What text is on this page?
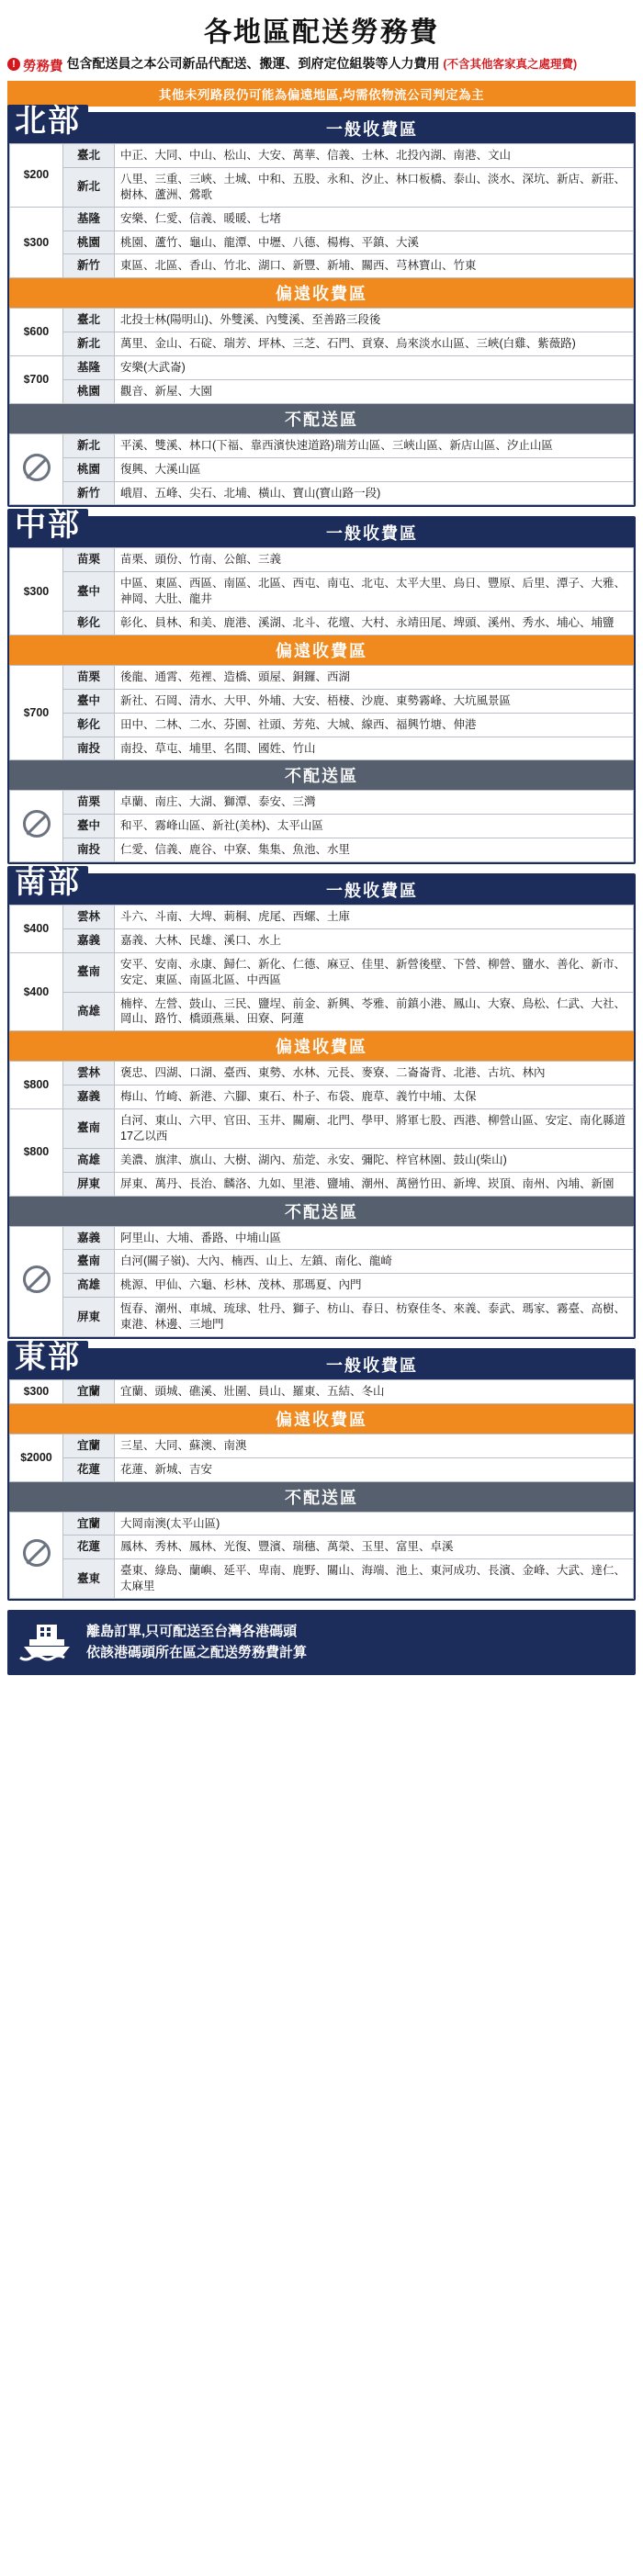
各地區配送勞務費
! 勞務費 包含配送員之本公司新品代配送、搬運、到府定位組裝等人力費用 (不含其他客家真之處理費)
其他未列路段仍可能為偏遠地區,均需依物流公司判定為主
北部	一般收費區
$200	臺北	中正、大同、中山、松山、大安、萬華、信義、士林、北投內湖、南港、文山
	新北	八里、三重、三峽、土城、中和、五股、永和、汐止、林口板橋、泰山、淡水、深坑、新店、新莊、樹林、蘆洲、鶯歌
$300	基隆	安樂、仁愛、信義、暖暖、七堵
	桃園	桃園、蘆竹、龜山、龍潭、中壢、八德、楊梅、平鎮、大溪
	新竹	東區、北區、香山、竹北、湖口、新豐、新埔、關西、芎林寶山、竹東
偏遠收費區
$600	臺北	北投士林(陽明山)、外雙溪、內雙溪、至善路三段後
	新北	萬里、金山、石碇、瑞芳、坪林、三芝、石門、貢寮、烏來淡水山區、三峽(白雞、紫薇路)
$700	基隆	安樂(大武崙)
	桃園	觀音、新屋、大園
不配送區
	新北	平溪、雙溪、林口(下福、靠西濱快速道路)瑞芳山區、三峽山區、新店山區、汐止山區
	桃園	復興、大溪山區
	新竹	峨眉、五峰、尖石、北埔、橫山、寶山(寶山路一段)
中部	一般收費區
$300	苗栗	苗栗、頭份、竹南、公館、三義
	臺中	中區、東區、西區、南區、北區、西屯、南屯、北屯、太平大里、烏日、豐原、后里、潭子、大雅、神岡、大肚、龍井
	彰化	彰化、員林、和美、鹿港、溪湖、北斗、花壇、大村、永靖田尾、埤頭、溪州、秀水、埔心、埔鹽
偏遠收費區
$700	苗栗	後龍、通霄、苑裡、造橋、頭屋、銅鑼、西湖
	臺中	新社、石岡、清水、大甲、外埔、大安、梧棲、沙鹿、東勢霧峰、大坑風景區
	彰化	田中、二林、二水、芬園、社頭、芳苑、大城、線西、福興竹塘、伸港
	南投	南投、草屯、埔里、名間、國姓、竹山
不配送區
	苗栗	卓蘭、南庄、大湖、獅潭、泰安、三灣
	臺中	和平、霧峰山區、新社(美林)、太平山區
	南投	仁愛、信義、鹿谷、中寮、集集、魚池、水里
南部	一般收費區
$400	雲林	斗六、斗南、大埤、莿桐、虎尾、西螺、土庫
	嘉義	嘉義、大林、民雄、溪口、水上
$400	臺南	安平、安南、永康、歸仁、新化、仁德、麻豆、佳里、新營後壁、下營、柳營、鹽水、善化、新市、安定、東區、南區北區、中西區
	高雄	楠梓、左營、鼓山、三民、鹽埕、前金、新興、苓雅、前鎮小港、鳳山、大寮、鳥松、仁武、大社、岡山、路竹、橋頭燕巢、田寮、阿蓮
偏遠收費區
$800	雲林	褒忠、四湖、口湖、臺西、東勢、水林、元長、麥寮、二崙崙背、北港、古坑、林內
	嘉義	梅山、竹崎、新港、六腳、東石、朴子、布袋、鹿草、義竹中埔、太保
$800	臺南	白河、東山、六甲、官田、玉井、關廟、北門、學甲、將軍七股、西港、柳營山區、安定、南化縣道17乙以西
	高雄	美濃、旗津、旗山、大樹、湖內、茄萣、永安、彌陀、梓官林園、鼓山(柴山)
	屏東	屏東、萬丹、長治、麟洛、九如、里港、鹽埔、潮州、萬巒竹田、新埤、崁頂、南州、內埔、新園
不配送區
	嘉義	阿里山、大埔、番路、中埔山區
	臺南	白河(關子嶺)、大內、楠西、山上、左鎮、南化、龍崎
	高雄	桃源、甲仙、六龜、杉林、茂林、那瑪夏、內門
	屏東	恆春、潮州、車城、琉球、牡丹、獅子、枋山、春日、枋寮佳冬、來義、泰武、瑪家、霧臺、高樹、東港、林邊、三地門
東部	一般收費區
$300	宜蘭	宜蘭、頭城、礁溪、壯圍、員山、羅東、五結、冬山
偏遠收費區
$2000	宜蘭	三星、大同、蘇澳、南澳
	花蓮	花蓮、新城、吉安
不配送區
	宜蘭	大岡南澳(太平山區)
	花蓮	鳳林、秀林、鳳林、光復、豐濱、瑞穗、萬榮、玉里、富里、卓溪
	臺東	臺東、綠島、蘭嶼、延平、卑南、鹿野、關山、海端、池上、東河成功、長濱、金峰、大武、達仁、太麻里
離島訂單,只可配送至台灣各港碼頭
依該港碼頭所在區之配送勞務費計算
